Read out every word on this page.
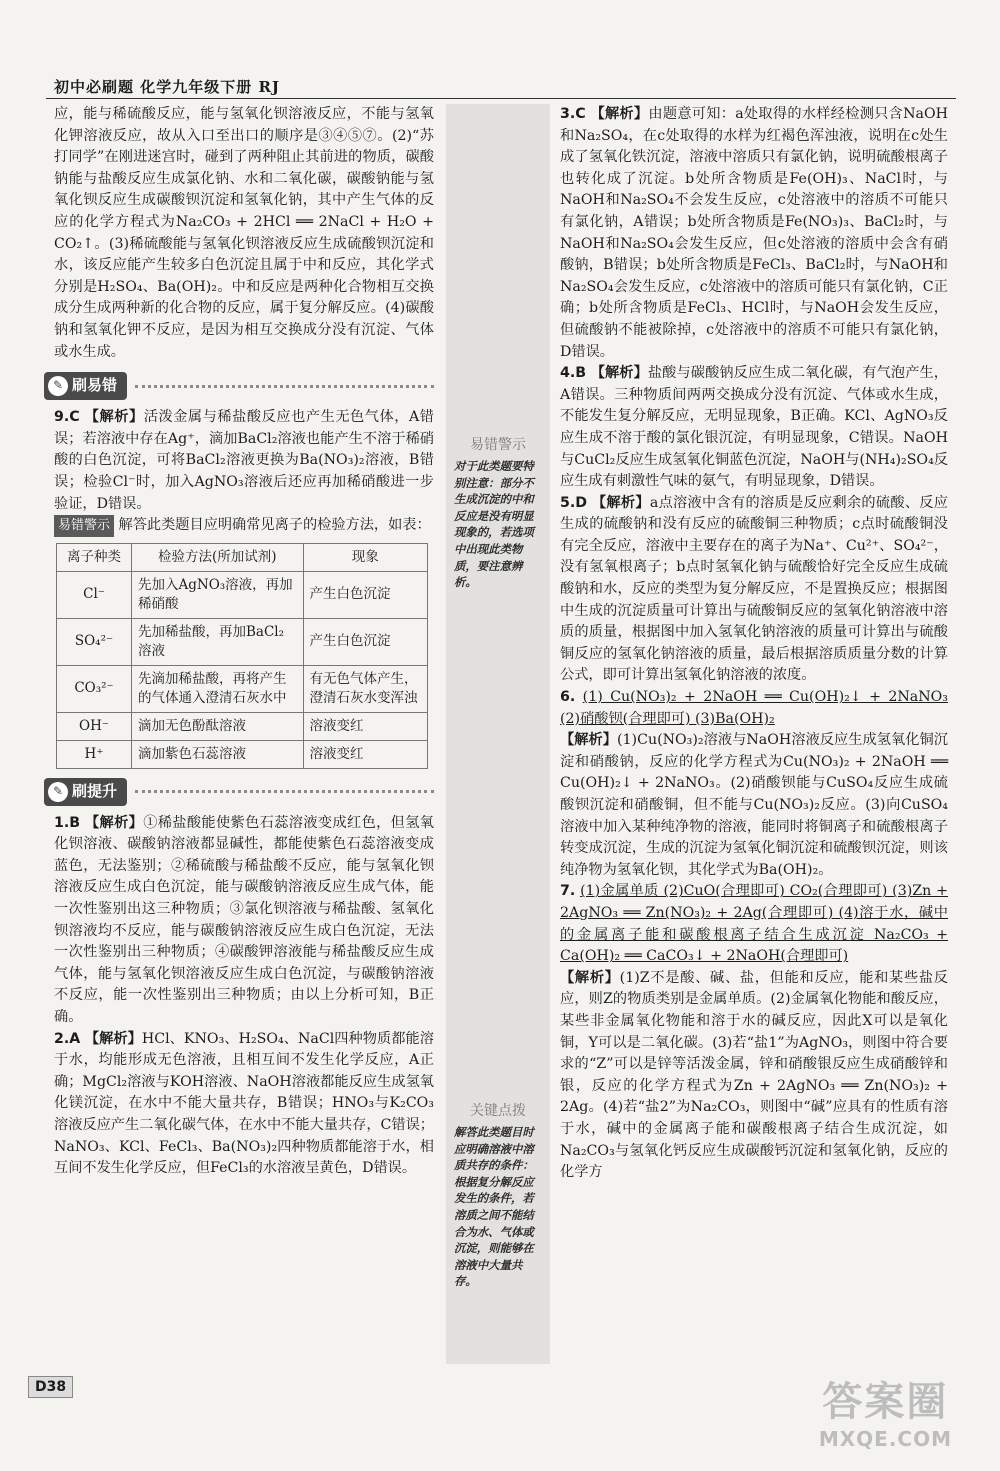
初中必刷题 化学九年级下册 RJ

应，能与稀硫酸反应，能与氢氧化钡溶液反应，不能与氢氧化钾溶液反应，故从入口至出口的顺序是③④⑤⑦。(2)“苏打同学”在刚进迷宫时，碰到了两种阻止其前进的物质，碳酸钠能与盐酸反应生成氯化钠、水和二氧化碳，碳酸钠能与氢氧化钡反应生成碳酸钡沉淀和氢氧化钠，其中产生气体的反应的化学方程式为Na₂CO₃ + 2HCl ══ 2NaCl + H₂O + CO₂↑。(3)稀硫酸能与氢氧化钡溶液反应生成硫酸钡沉淀和水，该反应能产生较多白色沉淀且属于中和反应，其化学式分别是H₂SO₄、Ba(OH)₂。中和反应是两种化合物相互交换成分生成两种新的化合物的反应，属于复分解反应。(4)碳酸钠和氢氧化钾不反应，是因为相互交换成分没有沉淀、气体或水生成。

✎ 刷易错

9.C 【解析】活泼金属与稀盐酸反应也产生无色气体，A错误；若溶液中存在Ag⁺，滴加BaCl₂溶液也能产生不溶于稀硝酸的白色沉淀，可将BaCl₂溶液更换为Ba(NO₃)₂溶液，B错误；检验Cl⁻时，加入AgNO₃溶液后还应再加稀硝酸进一步验证，D错误。

易错警示 解答此类题目应明确常见离子的检验方法，如表：

离子种类	检验方法(所加试剂)	现象
Cl⁻	先加入AgNO₃溶液，再加稀硝酸	产生白色沉淀
SO₄²⁻	先加稀盐酸，再加BaCl₂溶液	产生白色沉淀
CO₃²⁻	先滴加稀盐酸，再将产生的气体通入澄清石灰水中	有无色气体产生，澄清石灰水变浑浊
OH⁻	滴加无色酚酞溶液	溶液变红
H⁺	滴加紫色石蕊溶液	溶液变红
✎ 刷提升

1.B 【解析】①稀盐酸能使紫色石蕊溶液变成红色，但氢氧化钡溶液、碳酸钠溶液都显碱性，都能使紫色石蕊溶液变成蓝色，无法鉴别；②稀硫酸与稀盐酸不反应，能与氢氧化钡溶液反应生成白色沉淀，能与碳酸钠溶液反应生成气体，能一次性鉴别出这三种物质；③氯化钡溶液与稀盐酸、氢氧化钡溶液均不反应，能与碳酸钠溶液反应生成白色沉淀，无法一次性鉴别出三种物质；④碳酸钾溶液能与稀盐酸反应生成气体，能与氢氧化钡溶液反应生成白色沉淀，与碳酸钠溶液不反应，能一次性鉴别出三种物质；由以上分析可知，B正确。

2.A 【解析】HCl、KNO₃、H₂SO₄、NaCl四种物质都能溶于水，均能形成无色溶液，且相互间不发生化学反应，A正确；MgCl₂溶液与KOH溶液、NaOH溶液都能反应生成氢氧化镁沉淀，在水中不能大量共存，B错误；HNO₃与K₂CO₃溶液反应产生二氧化碳气体，在水中不能大量共存，C错误；NaNO₃、KCl、FeCl₃、Ba(NO₃)₂四种物质都能溶于水，相互间不发生化学反应，但FeCl₃的水溶液呈黄色，D错误。

易错警示

对于此类题要特别注意：部分不生成沉淀的中和反应是没有明显现象的，若选项中出现此类物质，要注意辨析。

关键点拨

解答此类题目时应明确溶液中溶质共存的条件：根据复分解反应发生的条件，若溶质之间不能结合为水、气体或沉淀，则能够在溶液中大量共存。

3.C 【解析】由题意可知：a处取得的水样经检测只含NaOH和Na₂SO₄，在c处取得的水样为红褐色浑浊液，说明在c处生成了氢氧化铁沉淀，溶液中溶质只有氯化钠，说明硫酸根离子也转化成了沉淀。b处所含物质是Fe(OH)₃、NaCl时，与NaOH和Na₂SO₄不会发生反应，c处溶液中的溶质不可能只有氯化钠，A错误；b处所含物质是Fe(NO₃)₃、BaCl₂时，与NaOH和Na₂SO₄会发生反应，但c处溶液的溶质中会含有硝酸钠，B错误；b处所含物质是FeCl₃、BaCl₂时，与NaOH和Na₂SO₄会发生反应，c处溶液中的溶质可能只有氯化钠，C正确；b处所含物质是FeCl₃、HCl时，与NaOH会发生反应，但硫酸钠不能被除掉，c处溶液中的溶质不可能只有氯化钠，D错误。

4.B 【解析】盐酸与碳酸钠反应生成二氧化碳，有气泡产生，A错误。三种物质间两两交换成分没有沉淀、气体或水生成，不能发生复分解反应，无明显现象，B正确。KCl、AgNO₃反应生成不溶于酸的氯化银沉淀，有明显现象，C错误。NaOH与CuCl₂反应生成氢氧化铜蓝色沉淀，NaOH与(NH₄)₂SO₄反应生成有刺激性气味的氨气，有明显现象，D错误。

5.D 【解析】a点溶液中含有的溶质是反应剩余的硫酸、反应生成的硫酸钠和没有反应的硫酸铜三种物质；c点时硫酸铜没有完全反应，溶液中主要存在的离子为Na⁺、Cu²⁺、SO₄²⁻，没有氢氧根离子；b点时氢氧化钠与硫酸恰好完全反应生成硫酸钠和水，反应的类型为复分解反应，不是置换反应；根据图中生成的沉淀质量可计算出与硫酸铜反应的氢氧化钠溶液中溶质的质量，根据图中加入氢氧化钠溶液的质量可计算出与硫酸铜反应的氢氧化钠溶液的质量，最后根据溶质质量分数的计算公式，即可计算出氢氧化钠溶液的浓度。

6. (1) Cu(NO₃)₂ + 2NaOH ══ Cu(OH)₂↓ + 2NaNO₃ (2)硝酸钡(合理即可) (3)Ba(OH)₂

【解析】(1)Cu(NO₃)₂溶液与NaOH溶液反应生成氢氧化铜沉淀和硝酸钠，反应的化学方程式为Cu(NO₃)₂ + 2NaOH ══ Cu(OH)₂↓ + 2NaNO₃。(2)硝酸钡能与CuSO₄反应生成硫酸钡沉淀和硝酸铜，但不能与Cu(NO₃)₂反应。(3)向CuSO₄溶液中加入某种纯净物的溶液，能同时将铜离子和硫酸根离子转变成沉淀，生成的沉淀为氢氧化铜沉淀和硫酸钡沉淀，则该纯净物为氢氧化钡，其化学式为Ba(OH)₂。

7. (1)金属单质 (2)CuO(合理即可) CO₂(合理即可) (3)Zn + 2AgNO₃ ══ Zn(NO₃)₂ + 2Ag(合理即可) (4)溶于水，碱中的金属离子能和碳酸根离子结合生成沉淀 Na₂CO₃ + Ca(OH)₂ ══ CaCO₃↓ + 2NaOH(合理即可)

【解析】(1)Z不是酸、碱、盐，但能和反应，能和某些盐反应，则Z的物质类别是金属单质。(2)金属氧化物能和酸反应，某些非金属氧化物能和溶于水的碱反应，因此X可以是氧化铜，Y可以是二氧化碳。(3)若“盐1”为AgNO₃，则图中符合要求的“Z”可以是锌等活泼金属，锌和硝酸银反应生成硝酸锌和银，反应的化学方程式为Zn + 2AgNO₃ ══ Zn(NO₃)₂ + 2Ag。(4)若“盐2”为Na₂CO₃，则图中“碱”应具有的性质有溶于水，碱中的金属离子能和碳酸根离子结合生成沉淀，如Na₂CO₃与氢氧化钙反应生成碳酸钙沉淀和氢氧化钠，反应的化学方

D38	答案圈
MXQE.COM
